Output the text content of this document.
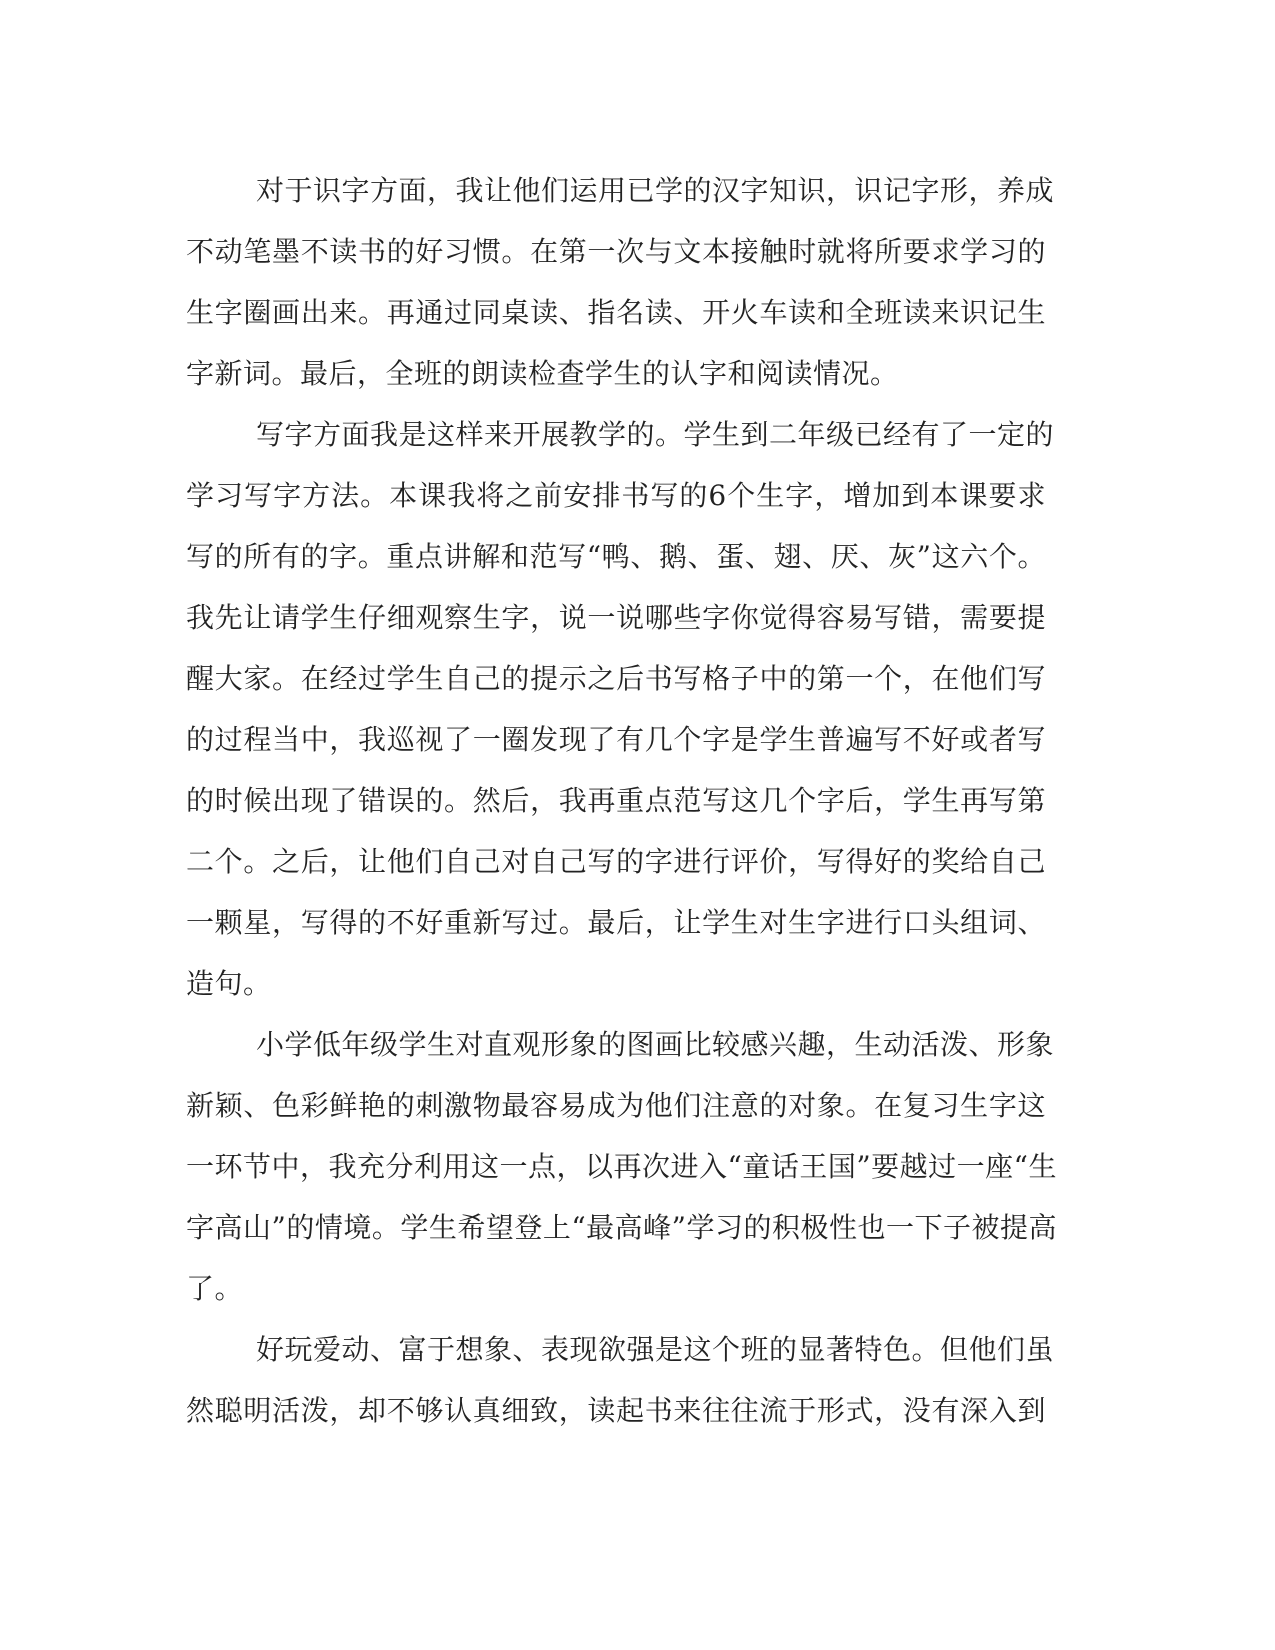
对于识字方面，我让他们运用已学的汉字知识，识记字形，养成
不动笔墨不读书的好习惯。在第一次与文本接触时就将所要求学习的
生字圈画出来。再通过同桌读、指名读、开火车读和全班读来识记生
字新词。最后，全班的朗读检查学生的认字和阅读情况。
写字方面我是这样来开展教学的。学生到二年级已经有了一定的
学习写字方法。本课我将之前安排书写的6个生字，增加到本课要求
写的所有的字。重点讲解和范写“鸭、鹅、蛋、翅、厌、灰”这六个。
我先让请学生仔细观察生字，说一说哪些字你觉得容易写错，需要提
醒大家。在经过学生自己的提示之后书写格子中的第一个，在他们写
的过程当中，我巡视了一圈发现了有几个字是学生普遍写不好或者写
的时候出现了错误的。然后，我再重点范写这几个字后，学生再写第
二个。之后，让他们自己对自己写的字进行评价，写得好的奖给自己
一颗星，写得的不好重新写过。最后，让学生对生字进行口头组词、
造句。
小学低年级学生对直观形象的图画比较感兴趣，生动活泼、形象
新颖、色彩鲜艳的刺激物最容易成为他们注意的对象。在复习生字这
一环节中，我充分利用这一点，以再次进入“童话王国”要越过一座“生
字高山”的情境。学生希望登上“最高峰”学习的积极性也一下子被提高
了。
好玩爱动、富于想象、表现欲强是这个班的显著特色。但他们虽
然聪明活泼，却不够认真细致，读起书来往往流于形式，没有深入到
